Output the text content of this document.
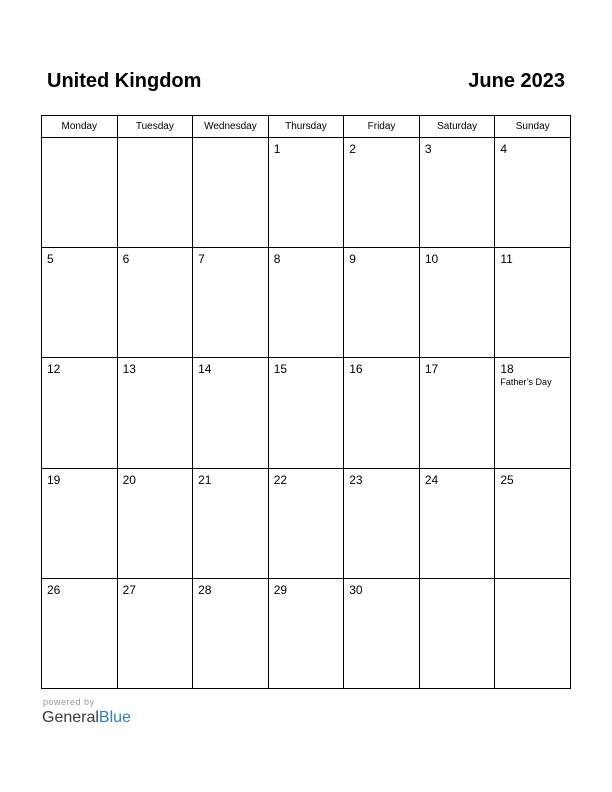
United Kingdom	June 2023
Monday	Tuesday	Wednesday	Thursday	Friday	Saturday	Sunday

			1	2	3	4

5	6	7	8	9	10	11

12	13	14	15	16	17	18
Father’s Day

19	20	21	22	23	24	25

26	27	28	29	30		

powered by
GeneralBlue
